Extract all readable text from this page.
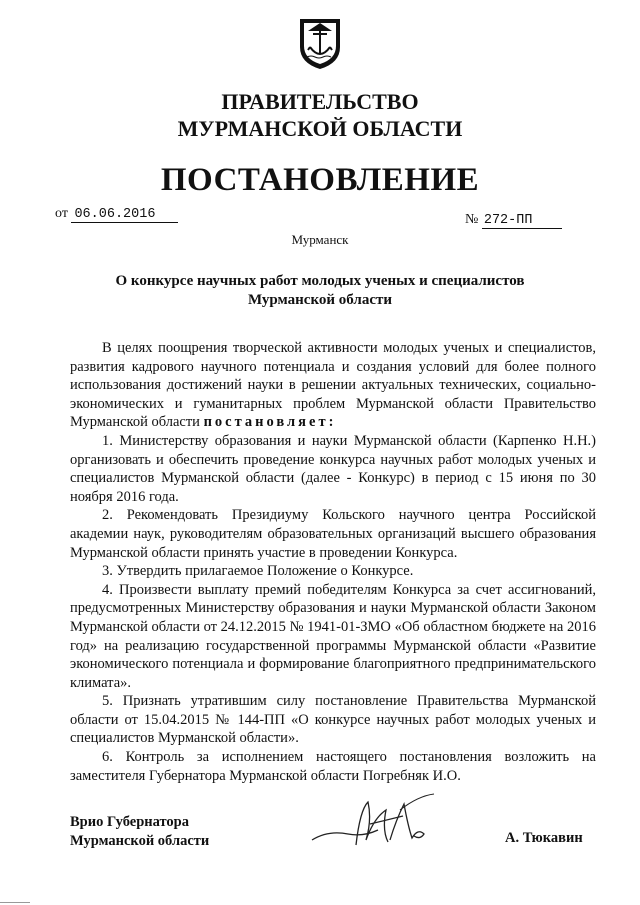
ПРАВИТЕЛЬСТВО
МУРМАНСКОЙ ОБЛАСТИ
ПОСТАНОВЛЕНИЕ
от 06.06.2016	№ 272-ПП
Мурманск
О конкурсе научных работ молодых ученых и специалистов
Мурманской области

В целях поощрения творческой активности молодых ученых и специалистов, развития кадрового научного потенциала и создания условий для более полного использования достижений науки в решении актуальных технических, социально-экономических и гуманитарных проблем Мурманской области Правительство Мурманской области постановляет:

1. Министерству образования и науки Мурманской области (Карпенко Н.Н.) организовать и обеспечить проведение конкурса научных работ молодых ученых и специалистов Мурманской области (далее - Конкурс) в период с 15 июня по 30 ноября 2016 года.

2. Рекомендовать Президиуму Кольского научного центра Российской академии наук, руководителям образовательных организаций высшего образования Мурманской области принять участие в проведении Конкурса.

3. Утвердить прилагаемое Положение о Конкурсе.

4. Произвести выплату премий победителям Конкурса за счет ассигнований, предусмотренных Министерству образования и науки Мурманской области Законом Мурманской области от 24.12.2015 № 1941-01-ЗМО «Об областном бюджете на 2016 год» на реализацию государственной программы Мурманской области «Развитие экономического потенциала и формирование благоприятного предпринимательского климата».

5. Признать утратившим силу постановление Правительства Мурманской области от 15.04.2015 № 144-ПП «О конкурсе научных работ молодых ученых и специалистов Мурманской области».

6. Контроль за исполнением настоящего постановления возложить на заместителя Губернатора Мурманской области Погребняк И.О.

Врио Губернатора
Мурманской области	А. Тюкавин
